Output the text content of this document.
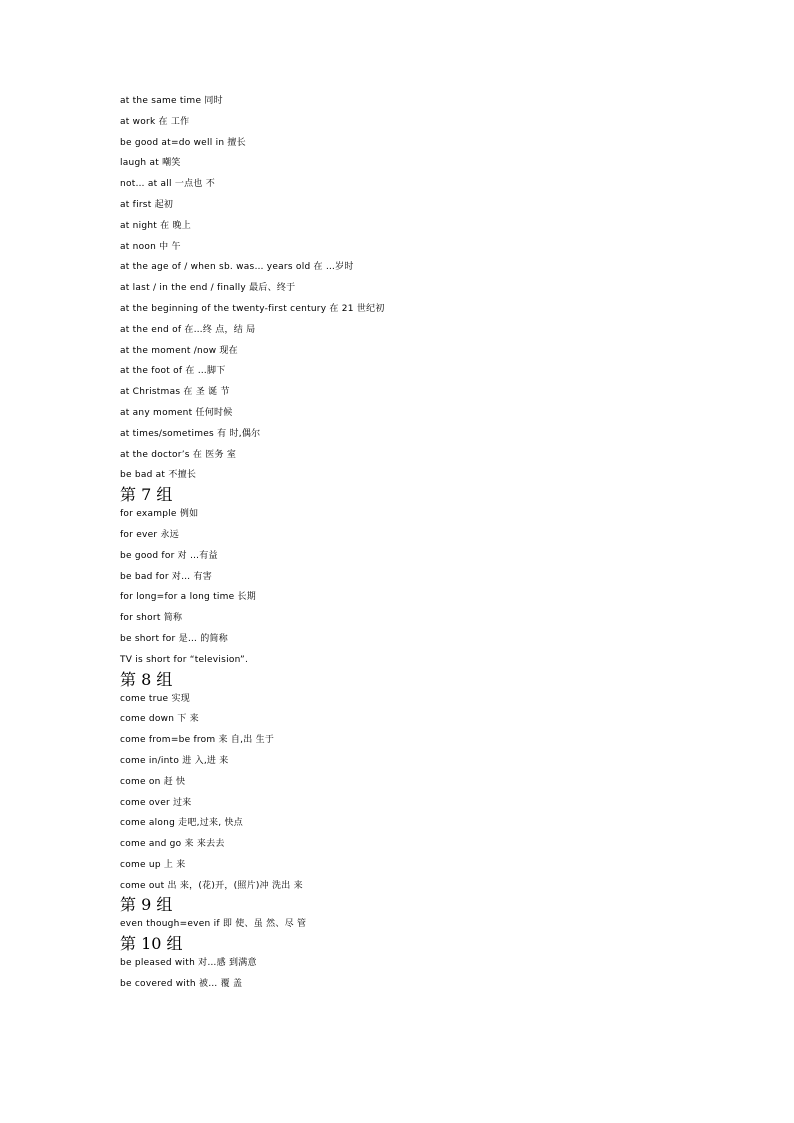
at the same time 同时
at work 在 工作
be good at=do well in 擅长
laugh at 嘲笑
not… at all 一点也 不
at first 起初
at night 在 晚上
at noon 中 午
at the age of / when sb. was… years old 在 …岁时
at last / in the end / finally 最后、终于
at the beginning of the twenty-first century 在 21 世纪初
at the end of 在…终 点，结 局
at the moment /now 现在
at the foot of 在 …脚下
at Christmas 在 圣 诞 节
at any moment 任何时候
at times/sometimes 有 时,偶尔
at the doctor’s 在 医务 室
be bad at 不擅长
第 7 组
for example 例如
for ever 永远
be good for 对 …有益
be bad for 对… 有害
for long=for a long time 长期
for short 简称
be short for 是… 的简称
TV is short for “television”.
第 8 组
come true 实现
come down 下 来
come from=be from 来 自,出 生于
come in/into 进 入,进 来
come on 赶 快
come over 过来
come along 走吧,过来, 快点
come and go 来 来去去
come up 上 来
come out 出 来，(花)开，(照片)冲 洗出 来
第 9 组
even though=even if 即 使、虽 然、尽 管
第 10 组
be pleased with 对…感 到满意
be covered with 被… 覆 盖
